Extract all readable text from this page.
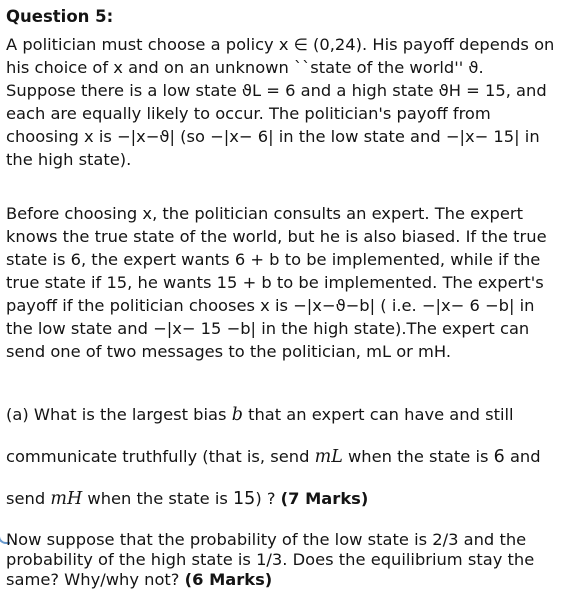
Question 5:
A politician must choose a policy x ∈ (0,24). His payoff depends on
his choice of x and on an unknown ``state of the world'' ϑ.
Suppose there is a low state ϑL = 6 and a high state ϑH = 15, and
each are equally likely to occur. The politician's payoff from
choosing x is −|x−ϑ| (so −|x− 6| in the low state and −|x− 15| in
the high state).
Before choosing x, the politician consults an expert. The expert
knows the true state of the world, but he is also biased. If the true
state is 6, the expert wants 6 + b to be implemented, while if the
true state if 15, he wants 15 + b to be implemented. The expert's
payoff if the politician chooses x is −|x−ϑ−b| ( i.e. −|x− 6 −b| in
the low state and −|x− 15 −b| in the high state).The expert can
send one of two messages to the politician, mL or mH.
(a) What is the largest bias b that an expert can have and still
communicate truthfully (that is, send mL when the state is 6 and
send mH when the state is 15) ? (7 Marks)
Now suppose that the probability of the low state is 2/3 and the
probability of the high state is 1/3. Does the equilibrium stay the
same? Why/why not? (6 Marks)
